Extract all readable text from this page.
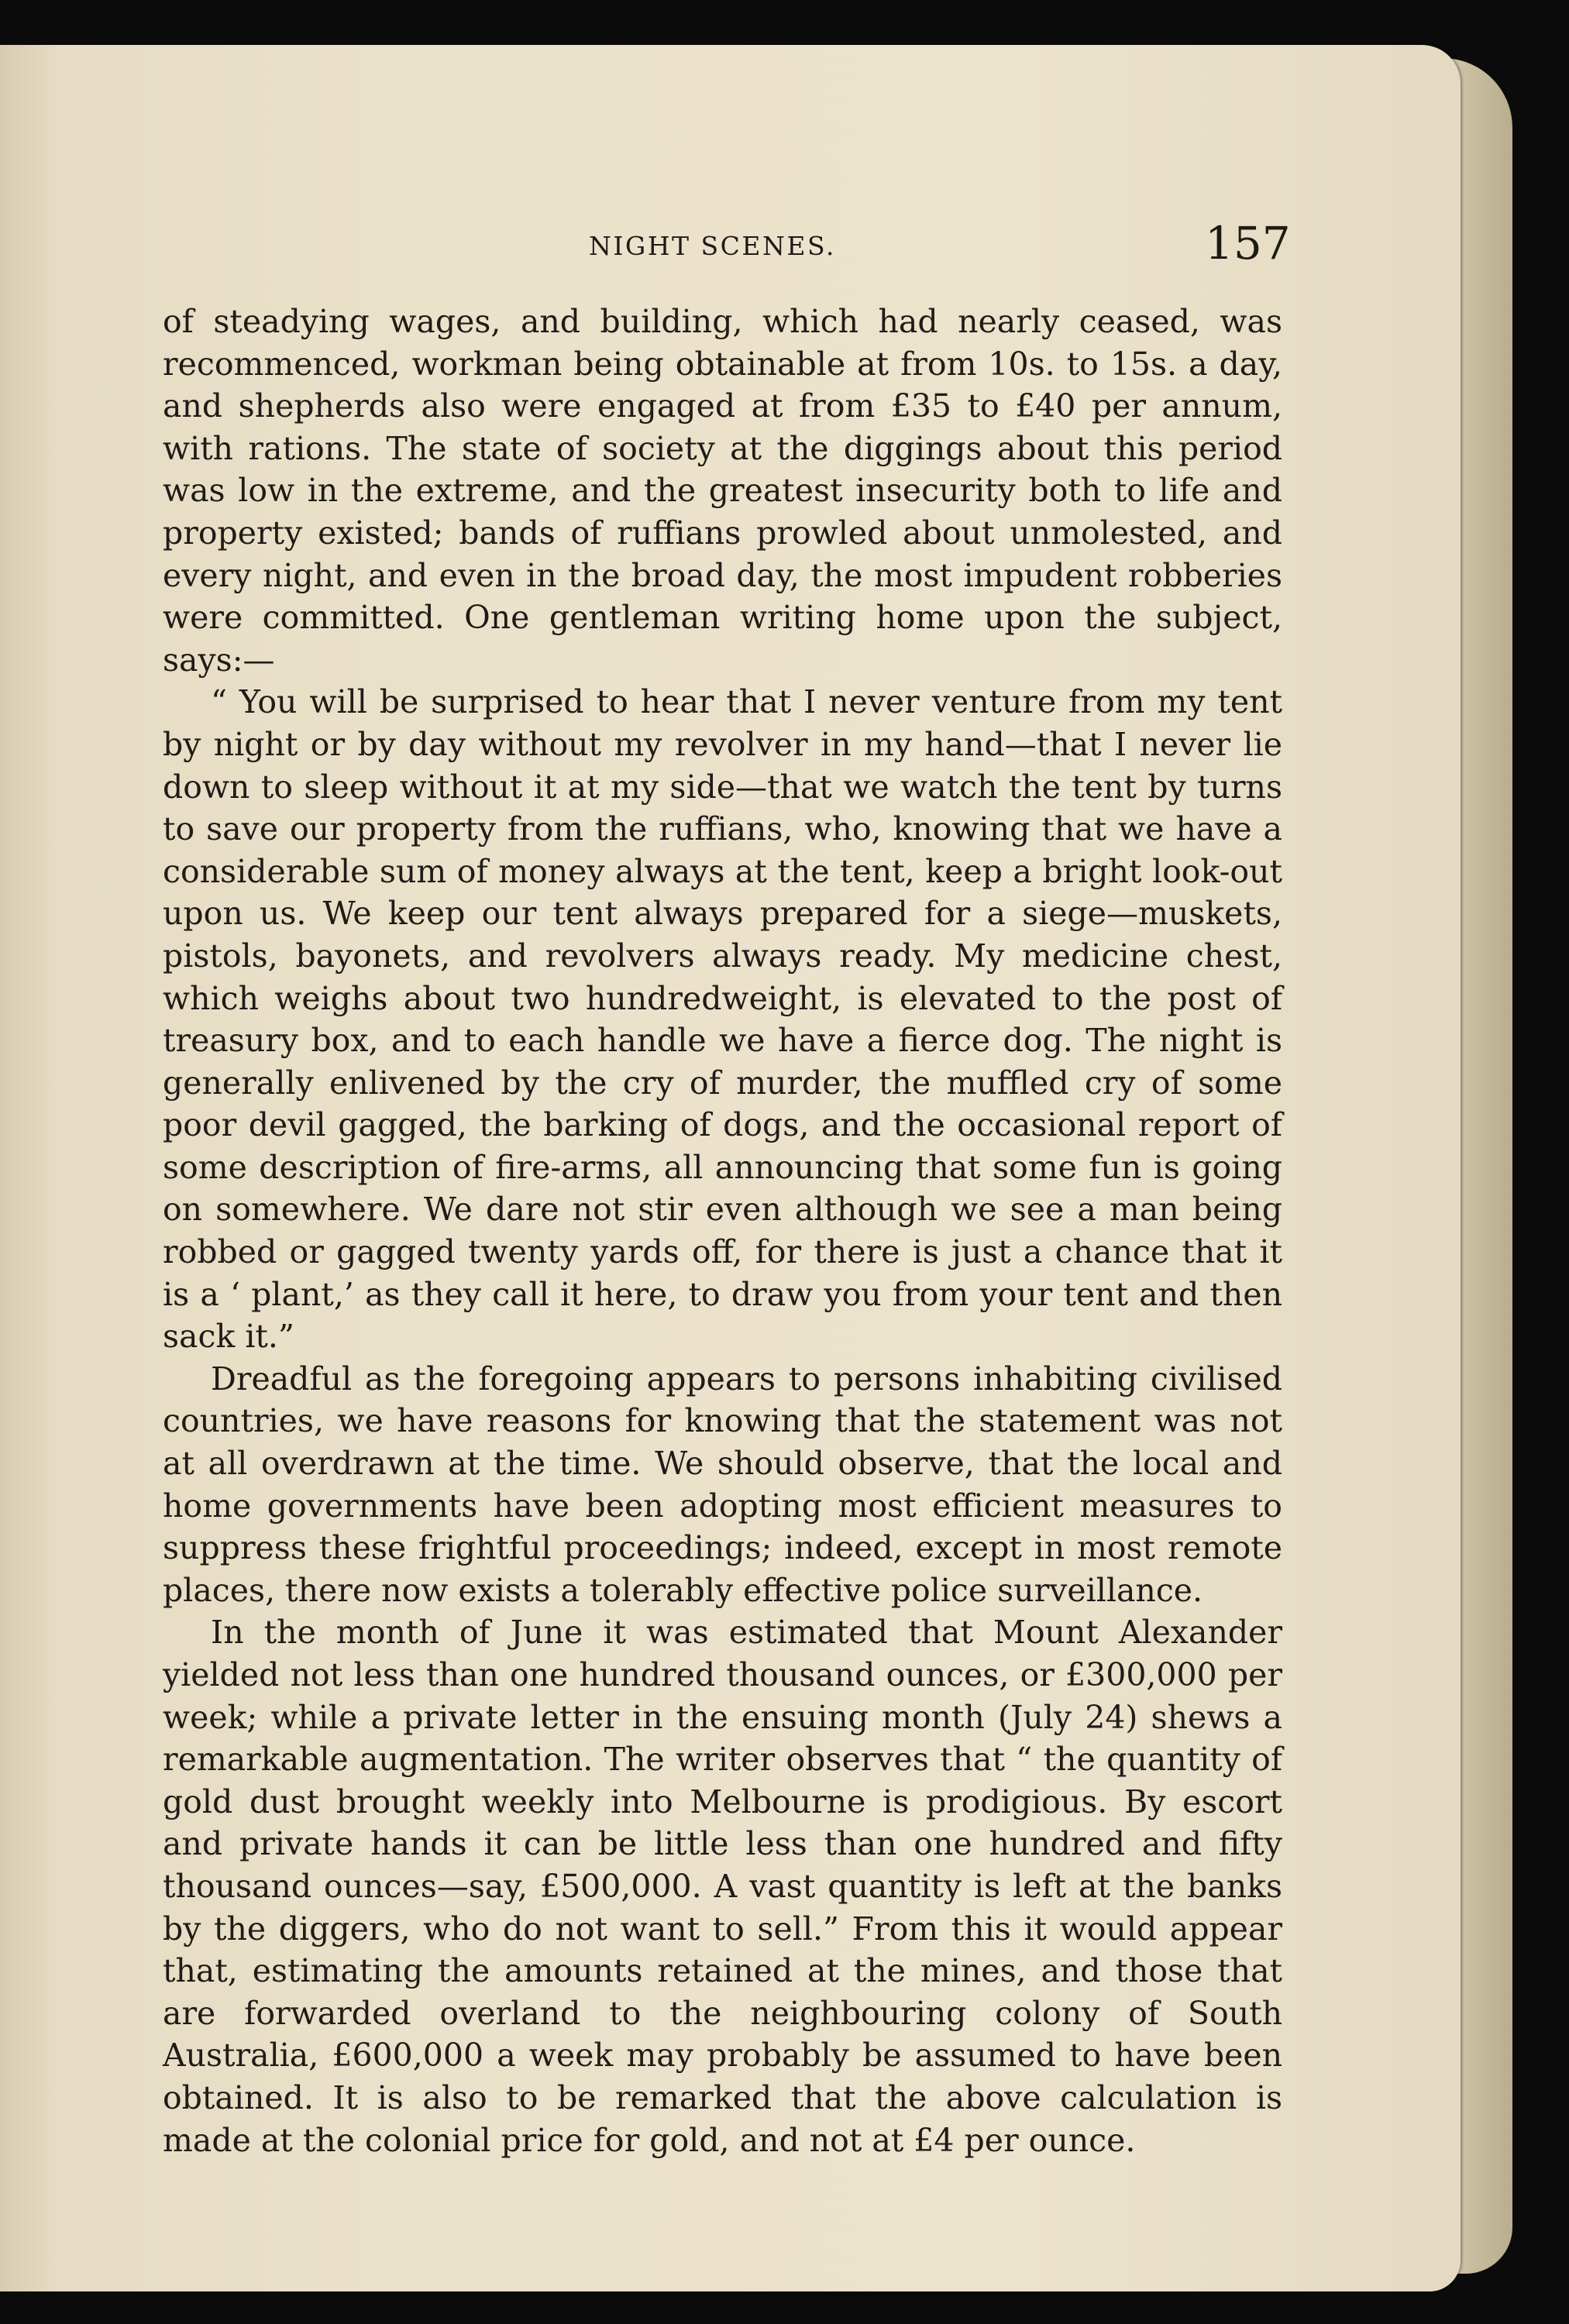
NIGHT SCENES.	157

of steadying wages, and building, which had nearly ceased, was recommenced, workman being obtainable at from 10s. to 15s. a day, and shepherds also were engaged at from £35 to £40 per annum, with rations. The state of society at the diggings about this period was low in the extreme, and the greatest insecurity both to life and property existed; bands of ruffians prowled about unmolested, and every night, and even in the broad day, the most impudent robberies were committed. One gentleman writing home upon the subject, says:—

“ You will be surprised to hear that I never venture from my tent by night or by day without my revolver in my hand—that I never lie down to sleep without it at my side—that we watch the tent by turns to save our property from the ruffians, who, knowing that we have a considerable sum of money always at the tent, keep a bright look-out upon us. We keep our tent always prepared for a siege—muskets, pistols, bayonets, and revolvers always ready. My medicine chest, which weighs about two hundredweight, is elevated to the post of treasury box, and to each handle we have a fierce dog. The night is generally enlivened by the cry of murder, the muffled cry of some poor devil gagged, the barking of dogs, and the occasional report of some description of fire-arms, all announcing that some fun is going on somewhere. We dare not stir even although we see a man being robbed or gagged twenty yards off, for there is just a chance that it is a ‘ plant,’ as they call it here, to draw you from your tent and then sack it.”

Dreadful as the foregoing appears to persons inhabiting civilised countries, we have reasons for knowing that the statement was not at all overdrawn at the time. We should observe, that the local and home governments have been adopting most efficient measures to suppress these frightful proceedings; indeed, except in most remote places, there now exists a tolerably effective police surveillance.

In the month of June it was estimated that Mount Alexander yielded not less than one hundred thousand ounces, or £300,000 per week; while a private letter in the ensuing month (July 24) shews a remarkable augmentation. The writer observes that “ the quantity of gold dust brought weekly into Melbourne is prodigious. By escort and private hands it can be little less than one hundred and fifty thousand ounces—say, £500,000. A vast quantity is left at the banks by the diggers, who do not want to sell.” From this it would appear that, estimating the amounts retained at the mines, and those that are forwarded overland to the neighbouring colony of South Australia, £600,000 a week may probably be assumed to have been obtained. It is also to be remarked that the above calculation is made at the colonial price for gold, and not at £4 per ounce.
